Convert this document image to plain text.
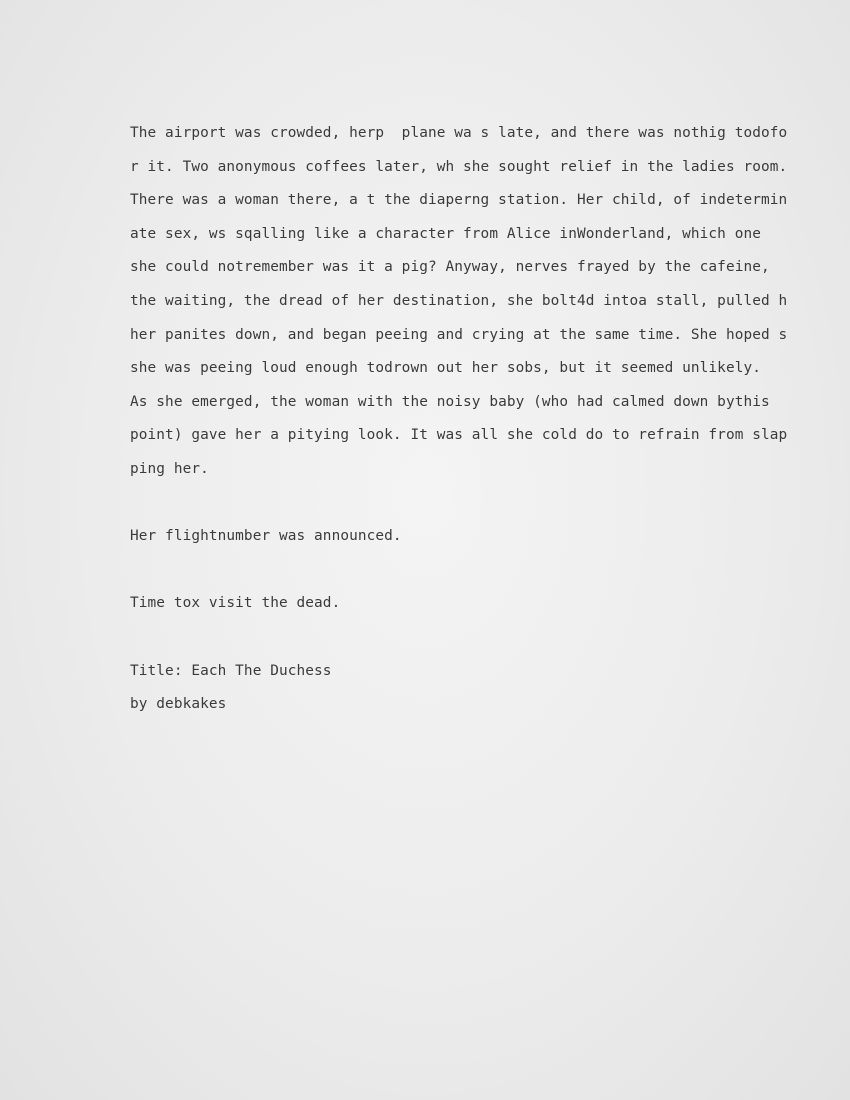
The airport was crowded, herp  plane wa s late, and there was nothig todofo
r it. Two anonymous coffees later, wh she sought relief in the ladies room.
There was a woman there, a t the diaperng station. Her child, of indetermin
ate sex, ws sqalling like a character from Alice inWonderland, which one
she could notremember was it a pig? Anyway, nerves frayed by the cafeine,
the waiting, the dread of her destination, she bolt4d intoa stall, pulled h
her panites down, and began peeing and crying at the same time. She hoped s
she was peeing loud enough todrown out her sobs, but it seemed unlikely.
As she emerged, the woman with the noisy baby (who had calmed down bythis
point) gave her a pitying look. It was all she cold do to refrain from slap
ping her.
Her flightnumber was announced.
Time tox visit the dead.
Title: Each The Duchess
by debkakes
